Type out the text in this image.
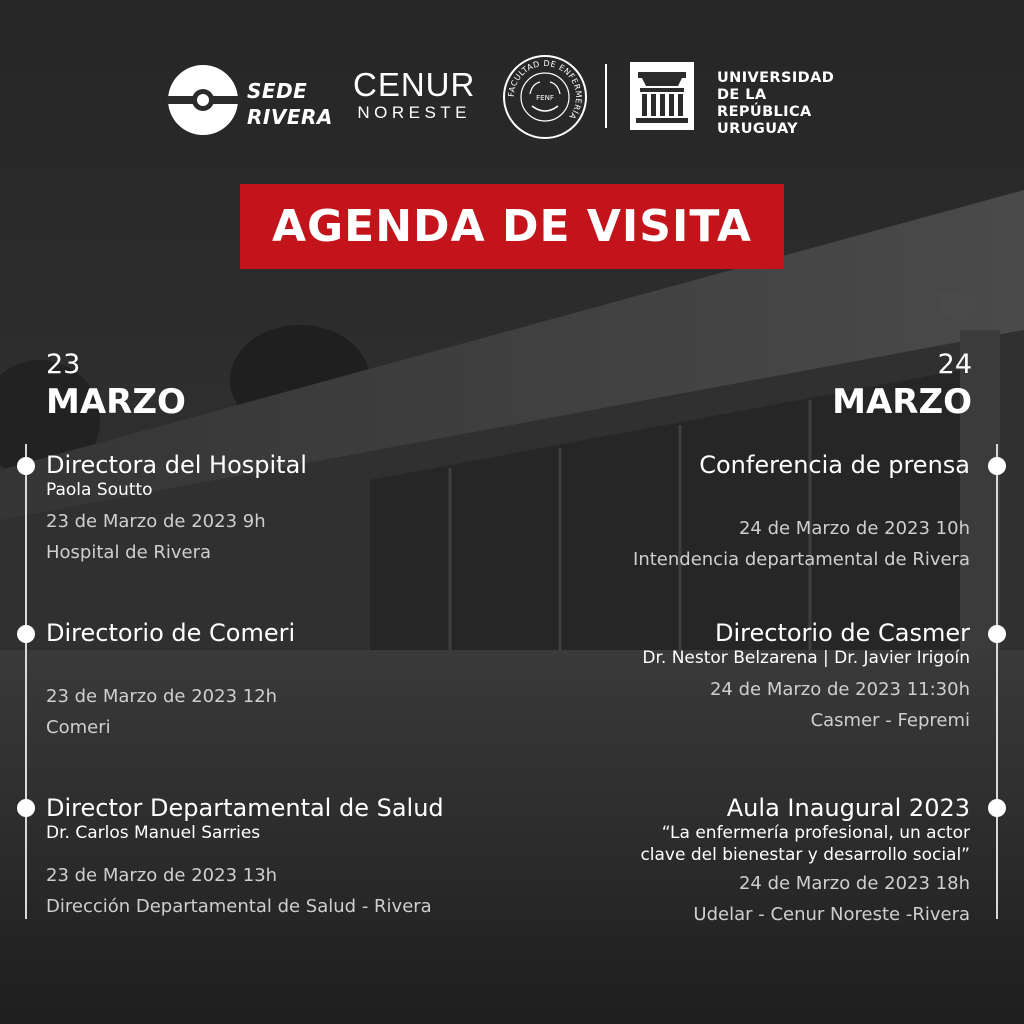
SEDE
RIVERA
CENUR
NORESTE
FACULTAD DE ENFERMERÍA
FENF
UNIVERSIDAD
DE LA REPÚBLICA
URUGUAY
AGENDA DE VISITA
23
MARZO
24
MARZO
Directora del Hospital
Paola Soutto
23 de Marzo de 2023 9h
Hospital de Rivera
Directorio de Comeri
23 de Marzo de 2023 12h
Comeri
Director Departamental de Salud
Dr. Carlos Manuel Sarries
23 de Marzo de 2023 13h
Dirección Departamental de Salud - Rivera
Conferencia de prensa
24 de Marzo de 2023 10h
Intendencia departamental de Rivera
Directorio de Casmer
Dr. Nestor Belzarena | Dr. Javier Irigoín
24 de Marzo de 2023 11:30h
Casmer - Fepremi
Aula Inaugural 2023
“La enfermería profesional, un actor
clave del bienestar y desarrollo social”
24 de Marzo de 2023 18h
Udelar - Cenur Noreste -Rivera
